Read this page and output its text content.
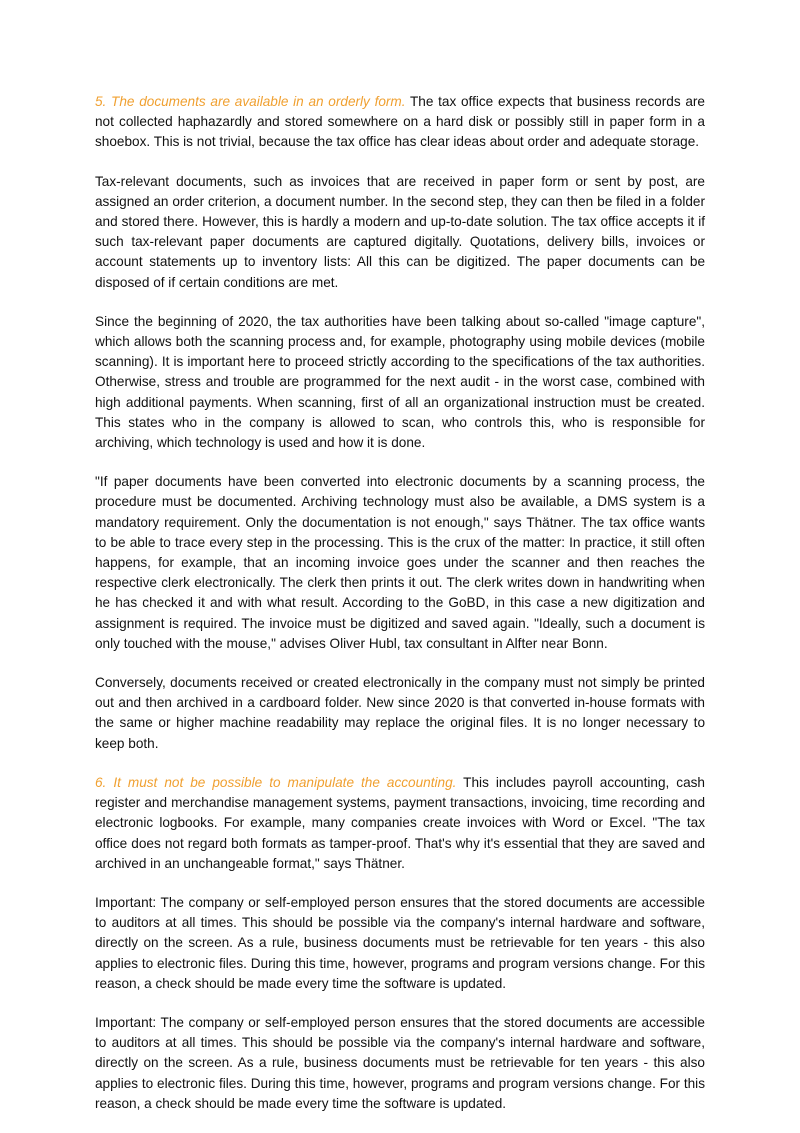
5. The documents are available in an orderly form. The tax office expects that business records are not collected haphazardly and stored somewhere on a hard disk or possibly still in paper form in a shoebox. This is not trivial, because the tax office has clear ideas about order and adequate storage.

Tax-relevant documents, such as invoices that are received in paper form or sent by post, are assigned an order criterion, a document number. In the second step, they can then be filed in a folder and stored there. However, this is hardly a modern and up-to-date solution. The tax office accepts it if such tax-relevant paper documents are captured digitally. Quotations, delivery bills, invoices or account statements up to inventory lists: All this can be digitized. The paper documents can be disposed of if certain conditions are met.

Since the beginning of 2020, the tax authorities have been talking about so-called "image capture", which allows both the scanning process and, for example, photography using mobile devices (mobile scanning). It is important here to proceed strictly according to the specifications of the tax authorities. Otherwise, stress and trouble are programmed for the next audit - in the worst case, combined with high additional payments. When scanning, first of all an organizational instruction must be created. This states who in the company is allowed to scan, who controls this, who is responsible for archiving, which technology is used and how it is done.

"If paper documents have been converted into electronic documents by a scanning process, the procedure must be documented. Archiving technology must also be available, a DMS system is a mandatory requirement. Only the documentation is not enough," says Thätner. The tax office wants to be able to trace every step in the processing. This is the crux of the matter: In practice, it still often happens, for example, that an incoming invoice goes under the scanner and then reaches the respective clerk electronically. The clerk then prints it out. The clerk writes down in handwriting when he has checked it and with what result. According to the GoBD, in this case a new digitization and assignment is required. The invoice must be digitized and saved again. "Ideally, such a document is only touched with the mouse," advises Oliver Hubl, tax consultant in Alfter near Bonn.

Conversely, documents received or created electronically in the company must not simply be printed out and then archived in a cardboard folder. New since 2020 is that converted in-house formats with the same or higher machine readability may replace the original files. It is no longer necessary to keep both.

6. It must not be possible to manipulate the accounting. This includes payroll accounting, cash register and merchandise management systems, payment transactions, invoicing, time recording and electronic logbooks. For example, many companies create invoices with Word or Excel. "The tax office does not regard both formats as tamper-proof. That's why it's essential that they are saved and archived in an unchangeable format," says Thätner.

Important: The company or self-employed person ensures that the stored documents are accessible to auditors at all times. This should be possible via the company's internal hardware and software, directly on the screen. As a rule, business documents must be retrievable for ten years - this also applies to electronic files. During this time, however, programs and program versions change. For this reason, a check should be made every time the software is updated.

Important: The company or self-employed person ensures that the stored documents are accessible to auditors at all times. This should be possible via the company's internal hardware and software, directly on the screen. As a rule, business documents must be retrievable for ten years - this also applies to electronic files. During this time, however, programs and program versions change. For this reason, a check should be made every time the software is updated.
